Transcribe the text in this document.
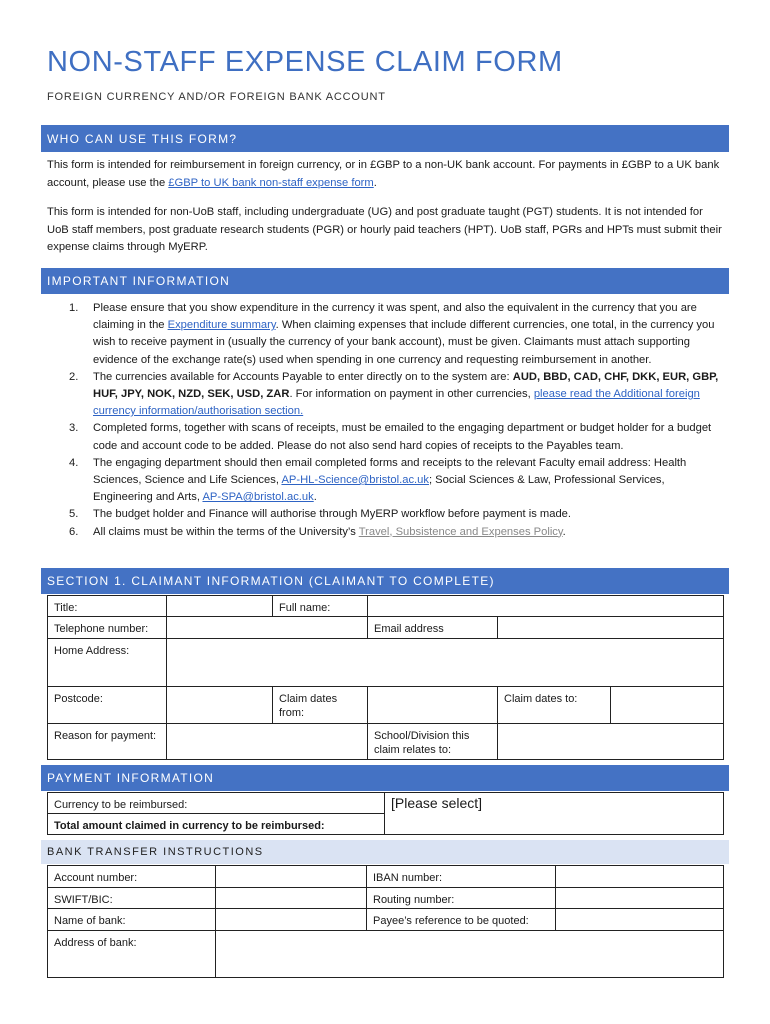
NON-STAFF EXPENSE CLAIM FORM
FOREIGN CURRENCY AND/OR FOREIGN BANK ACCOUNT
WHO CAN USE THIS FORM?
This form is intended for reimbursement in foreign currency, or in £GBP to a non-UK bank account. For payments in £GBP to a UK bank account, please use the £GBP to UK bank non-staff expense form.
This form is intended for non-UoB staff, including undergraduate (UG) and post graduate taught (PGT) students. It is not intended for UoB staff members, post graduate research students (PGR) or hourly paid teachers (HPT). UoB staff, PGRs and HPTs must submit their expense claims through MyERP.
IMPORTANT INFORMATION
1. Please ensure that you show expenditure in the currency it was spent, and also the equivalent in the currency that you are claiming in the Expenditure summary. When claiming expenses that include different currencies, one total, in the currency you wish to receive payment in (usually the currency of your bank account), must be given. Claimants must attach supporting evidence of the exchange rate(s) used when spending in one currency and requesting reimbursement in another.
2. The currencies available for Accounts Payable to enter directly on to the system are: AUD, BBD, CAD, CHF, DKK, EUR, GBP, HUF, JPY, NOK, NZD, SEK, USD, ZAR. For information on payment in other currencies, please read the Additional foreign currency information/authorisation section.
3. Completed forms, together with scans of receipts, must be emailed to the engaging department or budget holder for a budget code and account code to be added. Please do not also send hard copies of receipts to the Payables team.
4. The engaging department should then email completed forms and receipts to the relevant Faculty email address: Health Sciences, Science and Life Sciences, AP-HL-Science@bristol.ac.uk; Social Sciences & Law, Professional Services, Engineering and Arts, AP-SPA@bristol.ac.uk.
5. The budget holder and Finance will authorise through MyERP workflow before payment is made.
6. All claims must be within the terms of the University’s Travel, Subsistence and Expenses Policy.
SECTION 1. CLAIMANT INFORMATION (CLAIMANT TO COMPLETE)
Title:		Full name:			
Telephone number:			Email address		
Home Address:					
Postcode:		Claim dates from:		Claim dates to:	
Reason for payment:			School/Division this claim relates to:		
PAYMENT INFORMATION
Currency to be reimbursed:	[Please select]
Total amount claimed in currency to be reimbursed:
BANK TRANSFER INSTRUCTIONS
Account number:		IBAN number:	
SWIFT/BIC:		Routing number:	
Name of bank:		Payee’s reference to be quoted:	
Address of bank:			
